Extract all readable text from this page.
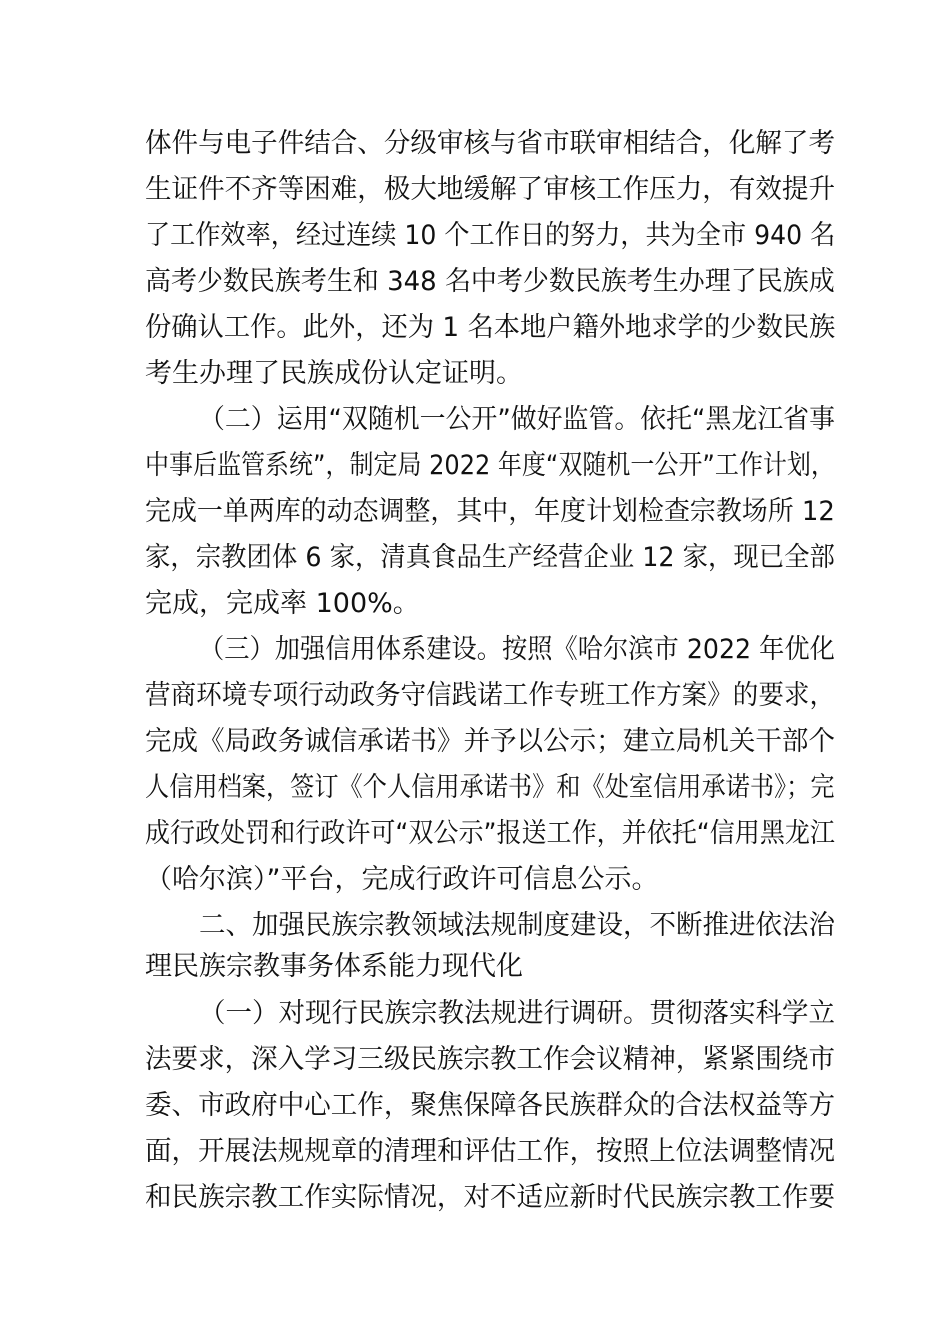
体件与电子件结合、分级审核与省市联审相结合，化解了考
生证件不齐等困难，极大地缓解了审核工作压力，有效提升
了工作效率，经过连续 10 个工作日的努力，共为全市 940 名
高考少数民族考生和 348 名中考少数民族考生办理了民族成
份确认工作。此外，还为 1 名本地户籍外地求学的少数民族
考生办理了民族成份认定证明。
（二）运用“双随机一公开”做好监管。依托“黑龙江省事
中事后监管系统”，制定局 2022 年度“双随机一公开”工作计划，
完成一单两库的动态调整，其中，年度计划检查宗教场所 12
家，宗教团体 6 家，清真食品生产经营企业 12 家，现已全部
完成，完成率 100%。
（三）加强信用体系建设。按照《哈尔滨市 2022 年优化
营商环境专项行动政务守信践诺工作专班工作方案》的要求，
完成《局政务诚信承诺书》并予以公示；建立局机关干部个
人信用档案，签订《个人信用承诺书》和《处室信用承诺书》；完
成行政处罚和行政许可“双公示”报送工作，并依托“信用黑龙江
（哈尔滨）”平台，完成行政许可信息公示。
二、加强民族宗教领域法规制度建设，不断推进依法治
理民族宗教事务体系能力现代化
（一）对现行民族宗教法规进行调研。贯彻落实科学立
法要求，深入学习三级民族宗教工作会议精神，紧紧围绕市
委、市政府中心工作，聚焦保障各民族群众的合法权益等方
面，开展法规规章的清理和评估工作，按照上位法调整情况
和民族宗教工作实际情况，对不适应新时代民族宗教工作要
